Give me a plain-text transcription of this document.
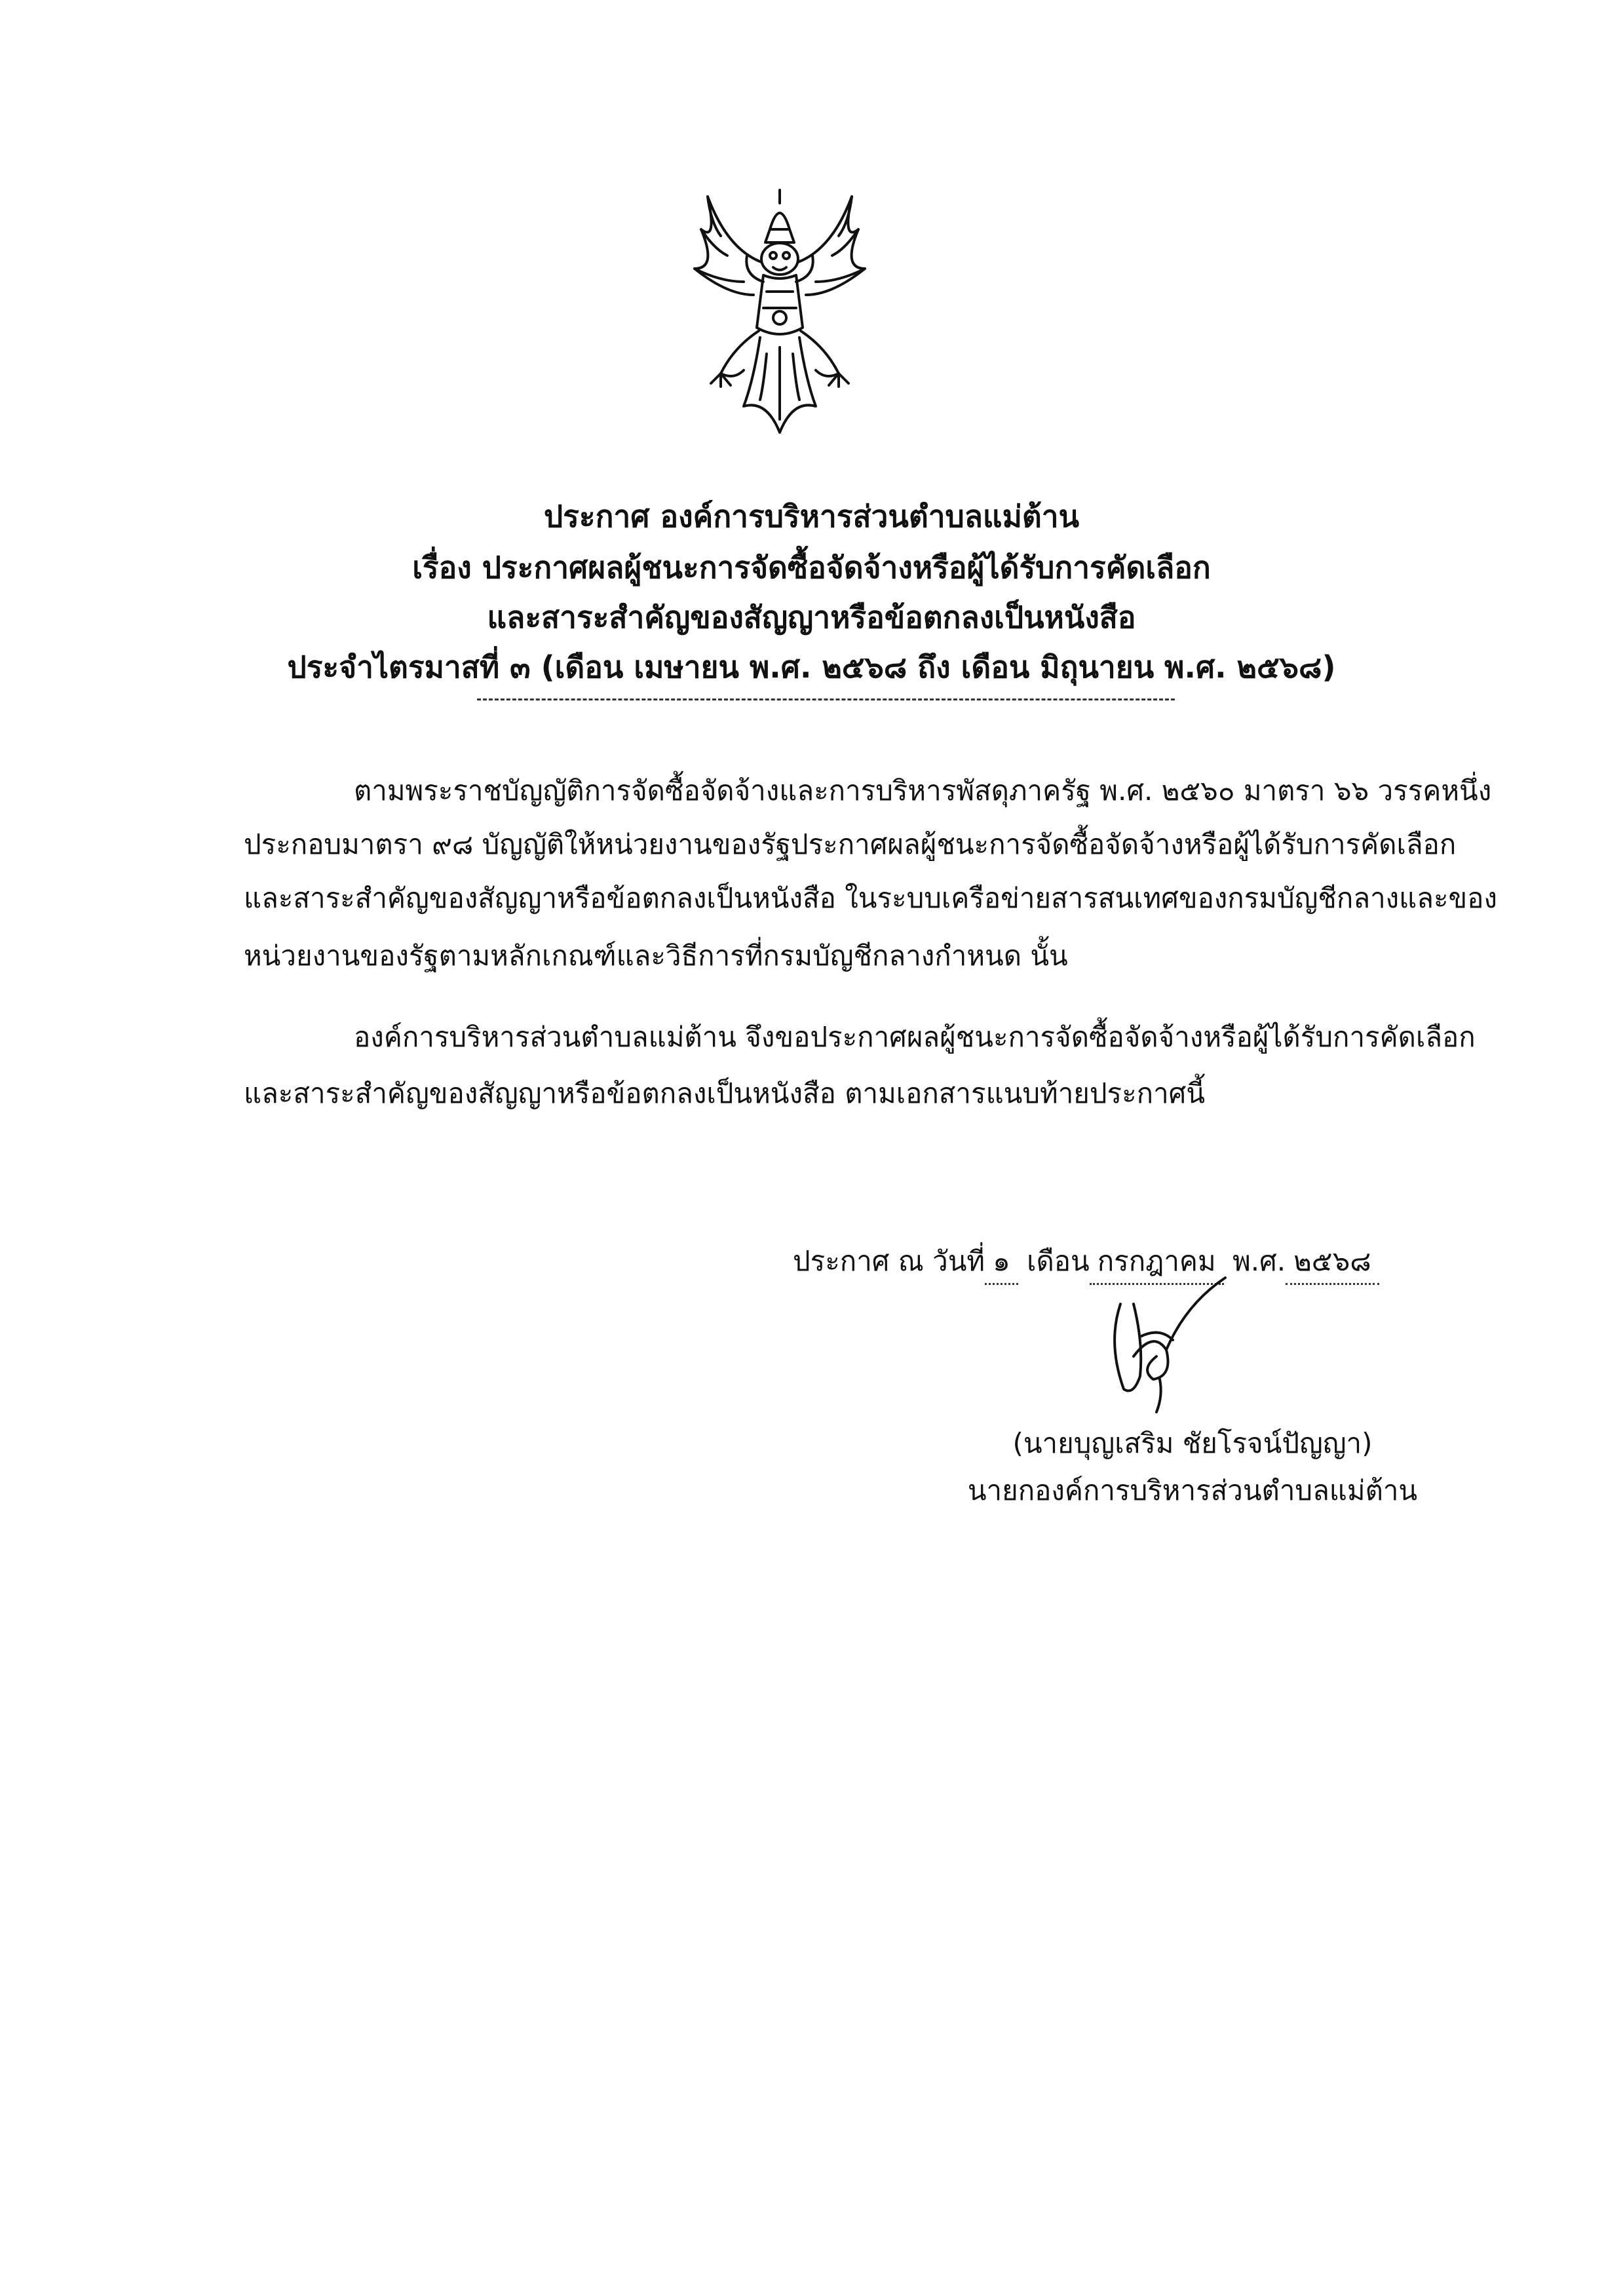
ประกาศ องค์การบริหารส่วนตำบลแม่ต้าน
เรื่อง ประกาศผลผู้ชนะการจัดซื้อจัดจ้างหรือผู้ได้รับการคัดเลือก
และสาระสำคัญของสัญญาหรือข้อตกลงเป็นหนังสือ
ประจำไตรมาสที่ ๓ (เดือน เมษายน พ.ศ. ๒๕๖๘ ถึง เดือน มิถุนายน พ.ศ. ๒๕๖๘)
ตามพระราชบัญญัติการจัดซื้อจัดจ้างและการบริหารพัสดุภาครัฐ พ.ศ. ๒๕๖๐ มาตรา ๖๖ วรรคหนึ่ง
ประกอบมาตรา ๙๘ บัญญัติให้หน่วยงานของรัฐประกาศผลผู้ชนะการจัดซื้อจัดจ้างหรือผู้ได้รับการคัดเลือก
และสาระสำคัญของสัญญาหรือข้อตกลงเป็นหนังสือ ในระบบเครือข่ายสารสนเทศของกรมบัญชีกลางและของ
หน่วยงานของรัฐตามหลักเกณฑ์และวิธีการที่กรมบัญชีกลางกำหนด นั้น
องค์การบริหารส่วนตำบลแม่ต้าน จึงขอประกาศผลผู้ชนะการจัดซื้อจัดจ้างหรือผู้ได้รับการคัดเลือก
และสาระสำคัญของสัญญาหรือข้อตกลงเป็นหนังสือ ตามเอกสารแนบท้ายประกาศนี้
ประกาศ ณ วันที่ ๑ เดือน กรกฎาคม พ.ศ. ๒๕๖๘
(นายบุญเสริม ชัยโรจน์ปัญญา)
นายกองค์การบริหารส่วนตำบลแม่ต้าน
